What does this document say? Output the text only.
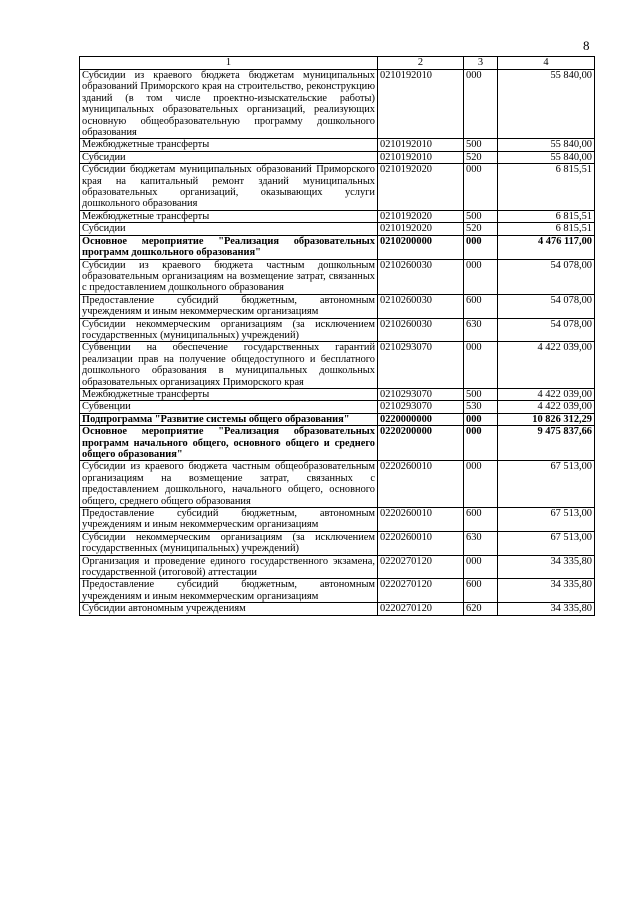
8
1	2	3	4
Субсидии из краевого бюджета бюджетам муниципальных образований Приморского края на строительство, реконструкцию зданий (в том числе проектно-изыскательские работы) муниципальных образовательных организаций, реализующих основную общеобразовательную программу дошкольного образования	0210192010	000	55 840,00
Межбюджетные трансферты	0210192010	500	55 840,00
Субсидии	0210192010	520	55 840,00
Субсидии бюджетам муниципальных образований Приморского края на капитальный ремонт зданий муниципальных образовательных организаций, оказывающих услуги дошкольного образования	0210192020	000	6 815,51
Межбюджетные трансферты	0210192020	500	6 815,51
Субсидии	0210192020	520	6 815,51
Основное мероприятие "Реализация образовательных программ дошкольного образования"	0210200000	000	4 476 117,00
Субсидии из краевого бюджета частным дошкольным образовательным организациям на возмещение затрат, связанных с предоставлением дошкольного образования	0210260030	000	54 078,00
Предоставление субсидий бюджетным, автономным учреждениям и иным некоммерческим организациям	0210260030	600	54 078,00
Субсидии некоммерческим организациям (за исключением государственных (муниципальных) учреждений)	0210260030	630	54 078,00
Субвенции на обеспечение государственных гарантий реализации прав на получение общедоступного и бесплатного дошкольного образования в муниципальных дошкольных образовательных организациях Приморского края	0210293070	000	4 422 039,00
Межбюджетные трансферты	0210293070	500	4 422 039,00
Субвенции	0210293070	530	4 422 039,00
Подпрограмма "Развитие системы общего образования"	0220000000	000	10 826 312,29
Основное мероприятие "Реализация образовательных программ начального общего, основного общего и среднего общего образования"	0220200000	000	9 475 837,66
Субсидии из краевого бюджета частным общеобразовательным организациям на возмещение затрат, связанных с предоставлением дошкольного, начального общего, основного общего, среднего общего образования	0220260010	000	67 513,00
Предоставление субсидий бюджетным, автономным учреждениям и иным некоммерческим организациям	0220260010	600	67 513,00
Субсидии некоммерческим организациям (за исключением государственных (муниципальных) учреждений)	0220260010	630	67 513,00
Организация и проведение единого государственного экзамена, государственной (итоговой) аттестации	0220270120	000	34 335,80
Предоставление субсидий бюджетным, автономным учреждениям и иным некоммерческим организациям	0220270120	600	34 335,80
Субсидии автономным учреждениям	0220270120	620	34 335,80
